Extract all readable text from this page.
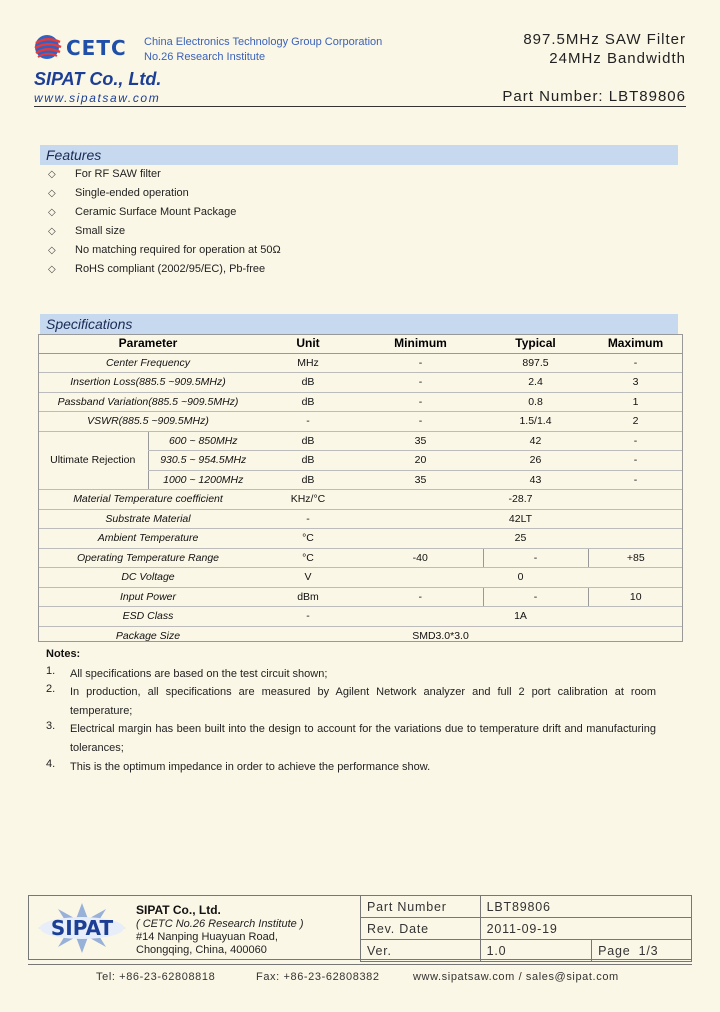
CETC China Electronics Technology Group Corporation
No.26 Research Institute
897.5MHz SAW Filter
24MHz Bandwidth
Part Number: LBT89806
SIPAT Co., Ltd.
www.sipatsaw.com
Features
◇ For RF SAW filter
◇ Single-ended operation
◇ Ceramic Surface Mount Package
◇ Small size
◇ No matching required for operation at 50Ω
◇ RoHS compliant (2002/95/EC), Pb-free
Specifications
Parameter		Unit	Minimum	Typical	Maximum
Center Frequency		MHz	-	897.5	-
Insertion Loss(885.5 ~909.5MHz)		dB	-	2.4	3
Passband Variation(885.5 ~909.5MHz)		dB	-	0.8	1
VSWR(885.5 ~909.5MHz)		-	-	1.5/1.4	2
Ultimate Rejection	600 ~ 850MHz	dB	35	42	-
	930.5 ~ 954.5MHz	dB	20	26	-
	1000 ~ 1200MHz	dB	35	43	-
Material Temperature coefficient		KHz/°C	-28.7		
Substrate Material		-	42LT		
Ambient Temperature		°C	25		
Operating Temperature Range		°C	-40	-	+85
DC Voltage		V	0		
Input Power		dBm	-	-	10
ESD Class		-	1A		
Package Size		SMD3.0*3.0			
Notes:
1. All specifications are based on the test circuit shown;
2. In production, all specifications are measured by Agilent Network analyzer and full 2 port calibration at room temperature;
3. Electrical margin has been built into the design to account for the variations due to temperature drift and manufacturing tolerances;
4. This is the optimum impedance in order to achieve the performance show.
SIPAT
SIPAT Co., Ltd.
( CETC No.26 Research Institute )
#14 Nanping Huayuan Road,
Chongqing, China, 400060
Part Number	LBT89806	
Rev. Date	2011-09-19	
Ver.	1.0	Page 1/3
Tel: +86-23-62808818	Fax: +86-23-62808382	www.sipatsaw.com / sales@sipat.com
